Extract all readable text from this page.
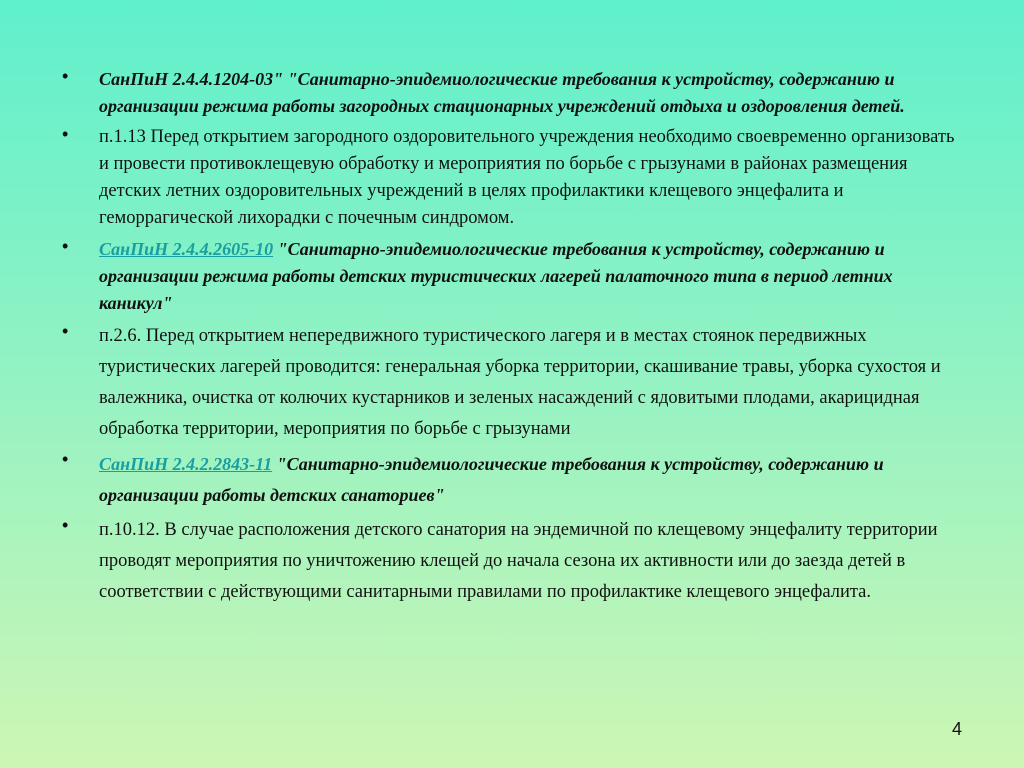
• СанПиН 2.4.4.1204-03" "Санитарно-эпидемиологические требования к устройству, содержанию и организации режима работы загородных стационарных учреждений отдыха и оздоровления детей.
• п.1.13 Перед открытием загородного оздоровительного учреждения необходимо своевременно организовать и провести противоклещевую обработку и мероприятия по борьбе с грызунами в районах размещения детских летних оздоровительных учреждений в целях профилактики клещевого энцефалита и геморрагической лихорадки с почечным синдромом.
• СанПиН 2.4.4.2605-10 "Санитарно-эпидемиологические требования к устройству, содержанию и организации режима работы детских туристических лагерей палаточного типа в период летних каникул"
• п.2.6. Перед открытием непередвижного туристического лагеря и в местах стоянок передвижных туристических лагерей проводится: генеральная уборка территории, скашивание травы, уборка сухостоя и валежника, очистка от колючих кустарников и зеленых насаждений с ядовитыми плодами, акарицидная обработка территории, мероприятия по борьбе с грызунами
• СанПиН 2.4.2.2843-11 "Санитарно-эпидемиологические требования к устройству, содержанию и организации работы детских санаториев"
• п.10.12. В случае расположения детского санатория на эндемичной по клещевому энцефалиту территории проводят мероприятия по уничтожению клещей до начала сезона их активности или до заезда детей в соответствии с действующими санитарными правилами по профилактике клещевого энцефалита.
4
